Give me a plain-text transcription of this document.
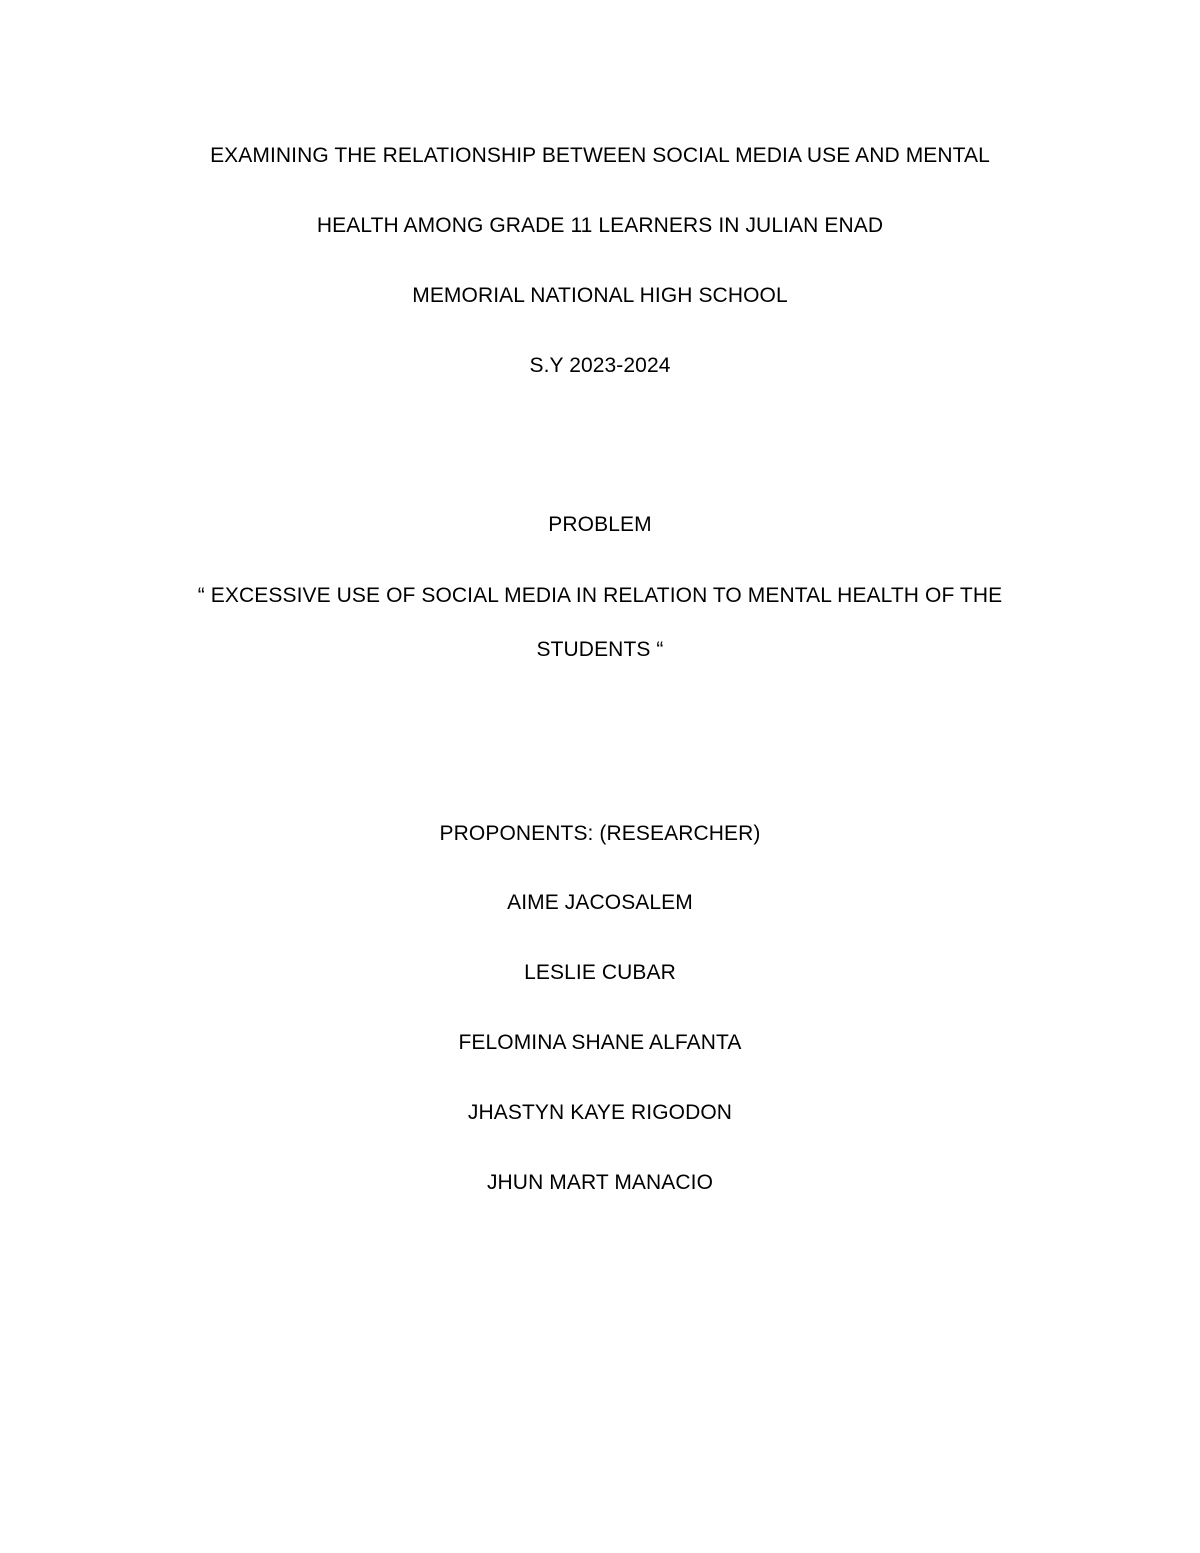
EXAMINING THE RELATIONSHIP BETWEEN SOCIAL MEDIA USE AND MENTAL
HEALTH AMONG GRADE 11 LEARNERS IN JULIAN ENAD
MEMORIAL NATIONAL HIGH SCHOOL
S.Y 2023-2024
PROBLEM
“ EXCESSIVE USE OF SOCIAL MEDIA IN RELATION TO MENTAL HEALTH OF THE
STUDENTS “
PROPONENTS: (RESEARCHER)
AIME JACOSALEM
LESLIE CUBAR
FELOMINA SHANE ALFANTA
JHASTYN KAYE RIGODON
JHUN MART MANACIO
